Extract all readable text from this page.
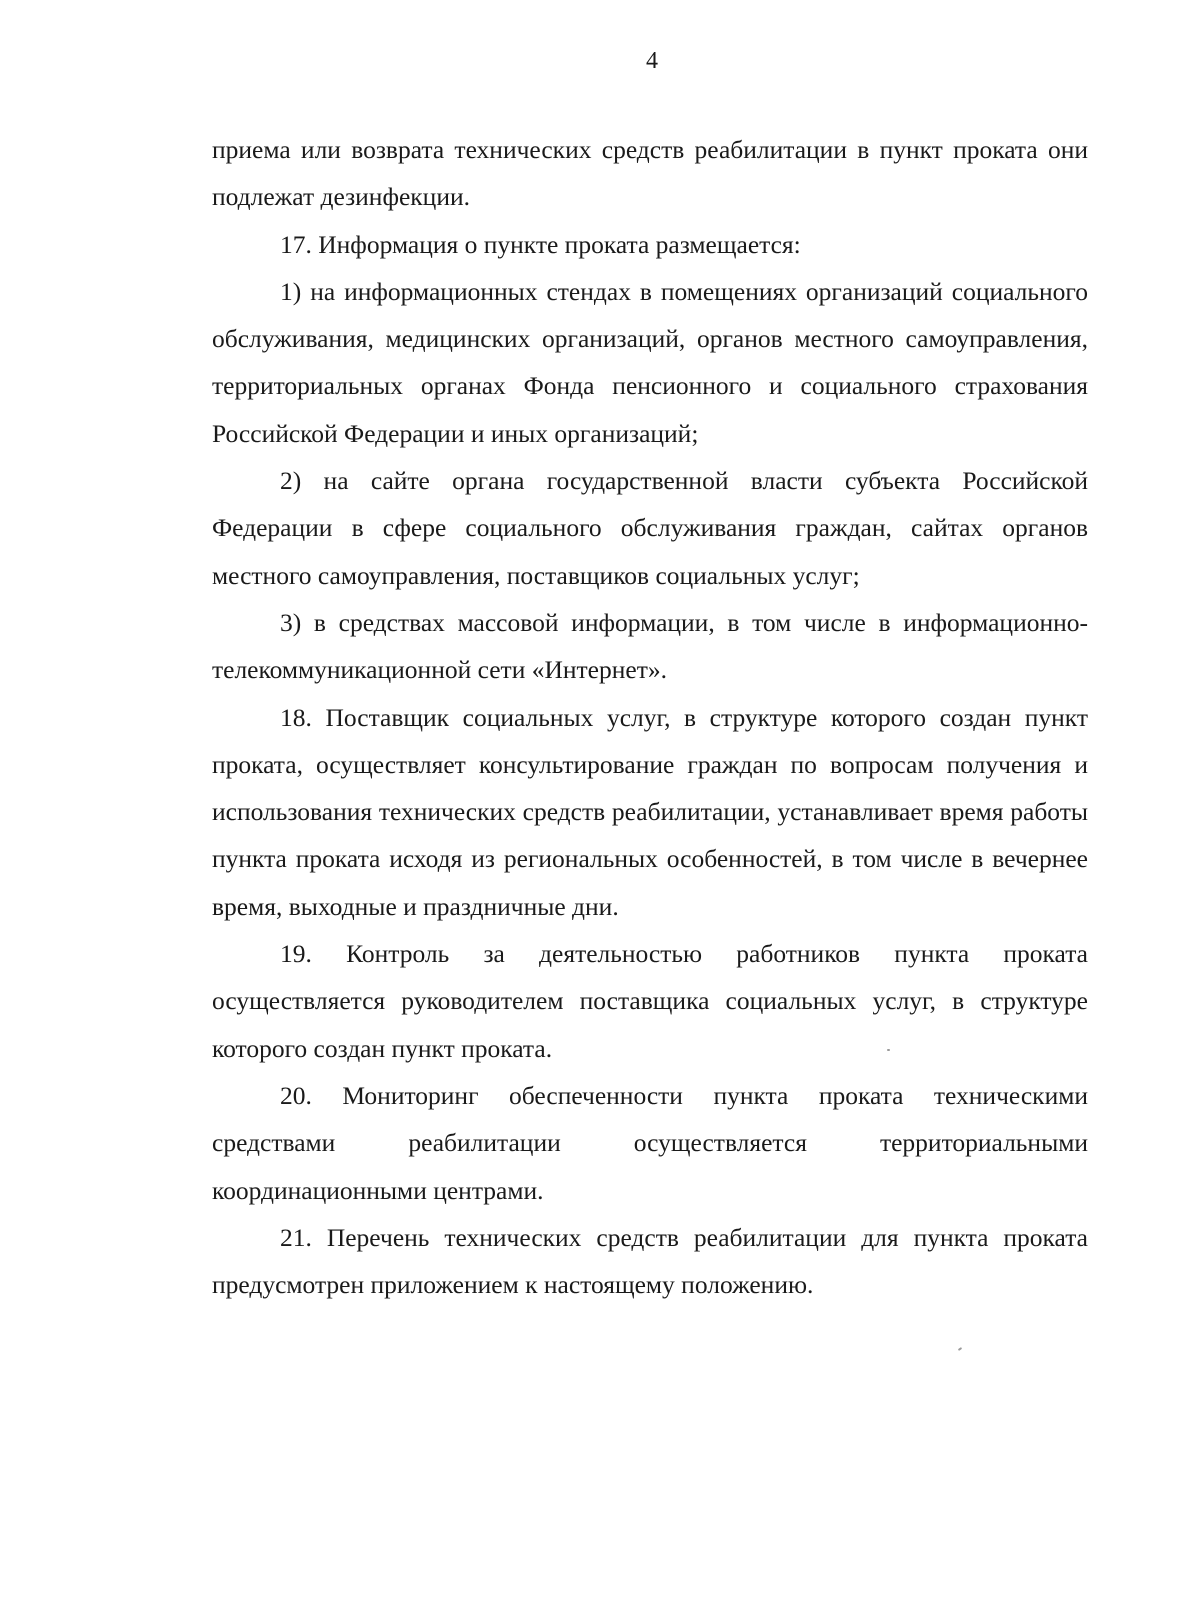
4

приема или возврата технических средств реабилитации в пункт проката они подлежат дезинфекции.

17. Информация о пункте проката размещается:

1) на информационных стендах в помещениях организаций социального обслуживания, медицинских организаций, органов местного самоуправления, территориальных органах Фонда пенсионного и социального страхования Российской Федерации и иных организаций;

2) на сайте органа государственной власти субъекта Российской Федерации в сфере социального обслуживания граждан, сайтах органов местного самоуправления, поставщиков социальных услуг;

3) в средствах массовой информации, в том числе в информационно-телекоммуникационной сети «Интернет».

18. Поставщик социальных услуг, в структуре которого создан пункт проката, осуществляет консультирование граждан по вопросам получения и использования технических средств реабилитации, устанавливает время работы пункта проката исходя из региональных особенностей, в том числе в вечернее время, выходные и праздничные дни.

19. Контроль за деятельностью работников пункта проката осуществляется руководителем поставщика социальных услуг, в структуре которого создан пункт проката.

20. Мониторинг обеспеченности пункта проката техническими средствами реабилитации осуществляется территориальными координационными центрами.

21. Перечень технических средств реабилитации для пункта проката предусмотрен приложением к настоящему положению.
